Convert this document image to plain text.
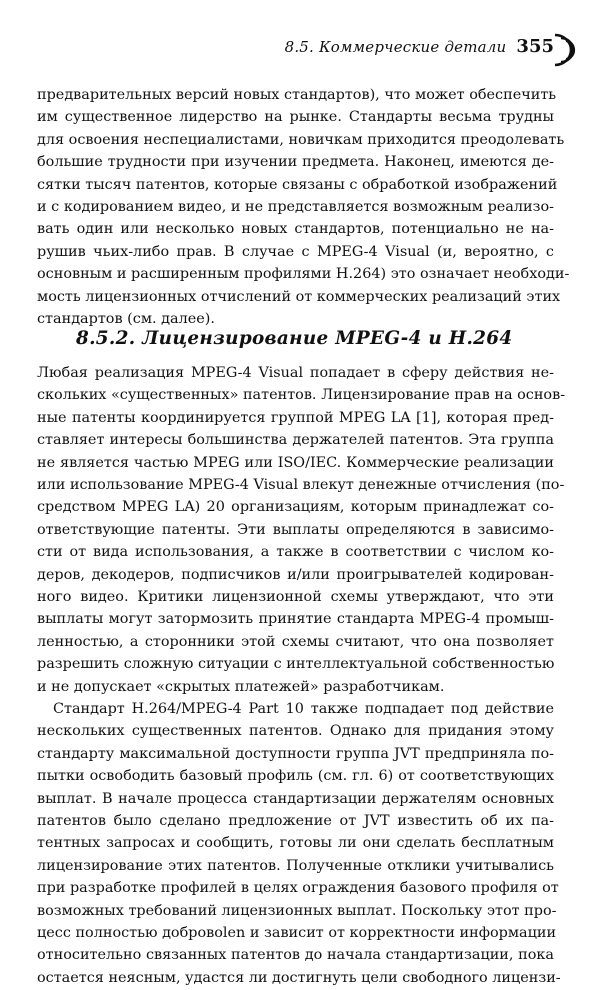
8.5. Коммерческие детали 355
предварительных версий новых стандартов), что может обеспечить
им существенное лидерство на рынке. Стандарты весьма трудны
для освоения неспециалистами, новичкам приходится преодолевать
большие трудности при изучении предмета. Наконец, имеются де-
сятки тысяч патентов, которые связаны с обработкой изображений
и с кодированием видео, и не представляется возможным реализо-
вать один или несколько новых стандартов, потенциально не на-
рушив чьих-либо прав. В случае с MPEG-4 Visual (и, вероятно, с
основным и расширенным профилями H.264) это означает необходи-
мость лицензионных отчислений от коммерческих реализаций этих
стандартов (см. далее).
8.5.2. Лицензирование MPEG-4 и H.264
Любая реализация MPEG-4 Visual попадает в сферу действия не-
скольких «существенных» патентов. Лицензирование прав на основ-
ные патенты координируется группой MPEG LA [1], которая пред-
ставляет интересы большинства держателей патентов. Эта группа
не является частью MPEG или ISO/IEC. Коммерческие реализации
или использование MPEG-4 Visual влекут денежные отчисления (по-
средством MPEG LA) 20 организациям, которым принадлежат со-
ответствующие патенты. Эти выплаты определяются в зависимо-
сти от вида использования, а также в соответствии с числом ко-
деров, декодеров, подписчиков и/или проигрывателей кодирован-
ного видео. Критики лицензионной схемы утверждают, что эти
выплаты могут затормозить принятие стандарта MPEG-4 промыш-
ленностью, а сторонники этой схемы считают, что она позволяет
разрешить сложную ситуации с интеллектуальной собственностью
и не допускает «скрытых платежей» разработчикам.
Стандарт H.264/MPEG-4 Part 10 также подпадает под действие
нескольких существенных патентов. Однако для придания этому
стандарту максимальной доступности группа JVT предприняла по-
пытки освободить базовый профиль (см. гл. 6) от соответствующих
выплат. В начале процесса стандартизации держателям основных
патентов было сделано предложение от JVT известить об их па-
тентных запросах и сообщить, готовы ли они сделать бесплатным
лицензирование этих патентов. Полученные отклики учитывались
при разработке профилей в целях ограждения базового профиля от
возможных требований лицензионных выплат. Поскольку этот про-
цесс полностью добровolen и зависит от корректности информации
относительно связанных патентов до начала стандартизации, пока
остается неясным, удастся ли достигнуть цели свободного лицензи-
